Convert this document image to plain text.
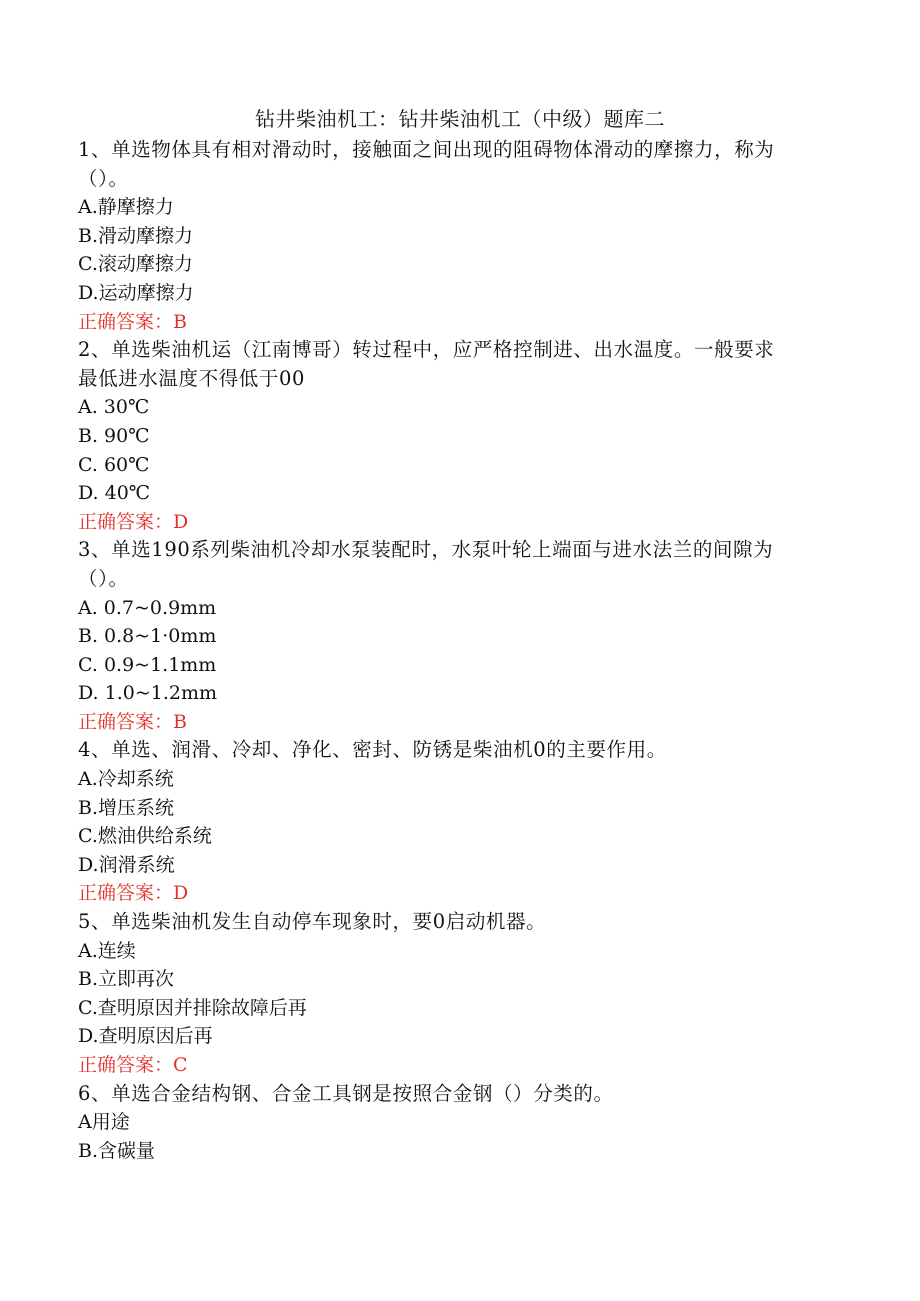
钻井柴油机工：钻井柴油机工（中级）题库二
1、单选物体具有相对滑动时，接触面之间出现的阻碍物体滑动的摩擦力，称为
（）。
A.静摩擦力
B.滑动摩擦力
C.滚动摩擦力
D.运动摩擦力
正确答案：B
2、单选柴油机运（江南博哥）转过程中，应严格控制进、出水温度。一般要求
最低进水温度不得低于00
A. 30℃
B. 90℃
C. 60℃
D. 40℃
正确答案：D
3、单选190系列柴油机冷却水泵装配时，水泵叶轮上端面与进水法兰的间隙为
（）。
A. 0.7~0.9mm
B. 0.8~1·0mm
C. 0.9~1.1mm
D. 1.0~1.2mm
正确答案：B
4、单选、润滑、冷却、净化、密封、防锈是柴油机0的主要作用。
A.冷却系统
B.增压系统
C.燃油供给系统
D.润滑系统
正确答案：D
5、单选柴油机发生自动停车现象时，要0启动机器。
A.连续
B.立即再次
C.查明原因并排除故障后再
D.查明原因后再
正确答案：C
6、单选合金结构钢、合金工具钢是按照合金钢（）分类的。
A用途
B.含碳量
